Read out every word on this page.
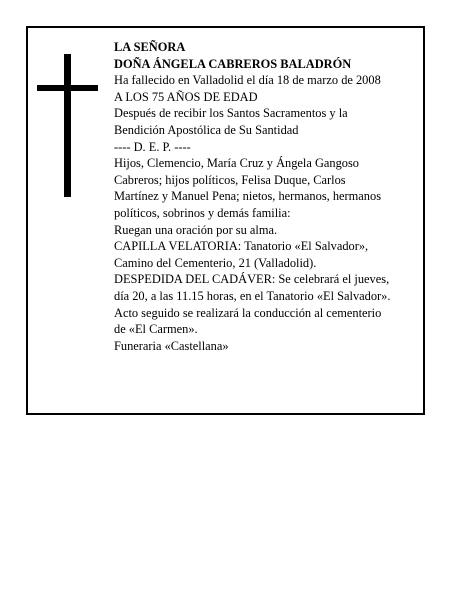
LA SEÑORA
DOÑA ÁNGELA CABREROS BALADRÓN
Ha fallecido en Valladolid el día 18 de marzo de 2008
A LOS 75 AÑOS DE EDAD
Después de recibir los Santos Sacramentos y la
Bendición Apostólica de Su Santidad
---- D. E. P. ----
Hijos, Clemencio, María Cruz y Ángela Gangoso
Cabreros; hijos políticos, Felisa Duque, Carlos
Martínez y Manuel Pena; nietos, hermanos, hermanos
políticos, sobrinos y demás familia:
Ruegan una oración por su alma.
CAPILLA VELATORIA: Tanatorio «El Salvador»,
Camino del Cementerio, 21 (Valladolid).
DESPEDIDA DEL CADÁVER: Se celebrará el jueves,
día 20, a las 11.15 horas, en el Tanatorio «El Salvador».
Acto seguido se realizará la conducción al cementerio
de «El Carmen».
Funeraria «Castellana»
